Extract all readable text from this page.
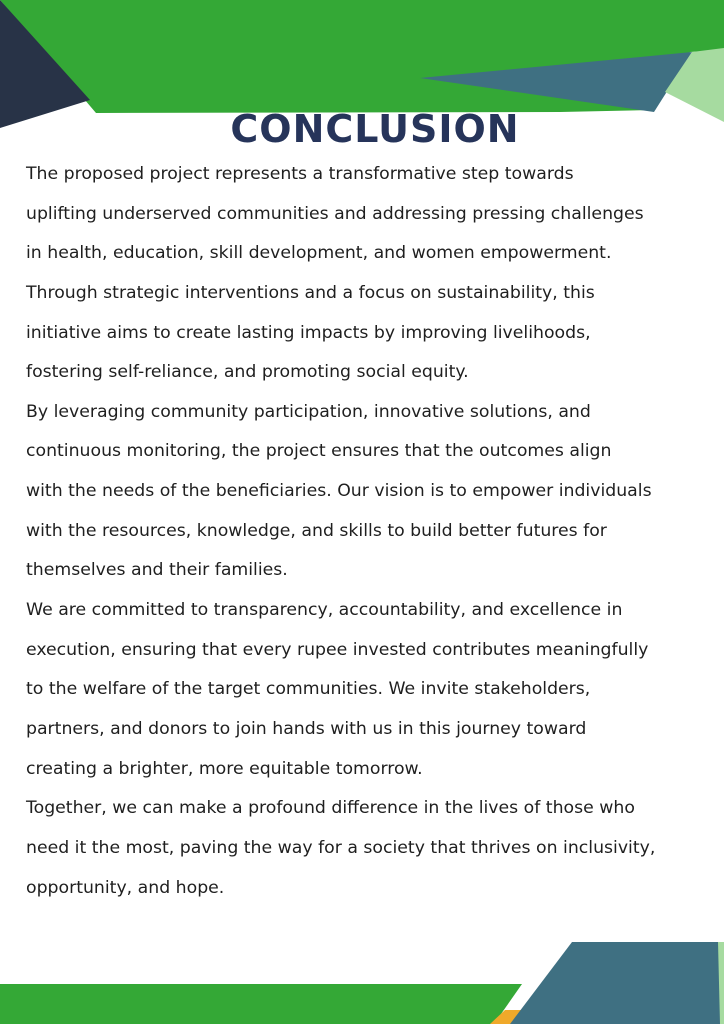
CONCLUSION
The proposed project represents a transformative step towards
uplifting underserved communities and addressing pressing challenges
in health, education, skill development, and women empowerment.
Through strategic interventions and a focus on sustainability, this
initiative aims to create lasting impacts by improving livelihoods,
fostering self-reliance, and promoting social equity.
By leveraging community participation, innovative solutions, and
continuous monitoring, the project ensures that the outcomes align
with the needs of the beneficiaries. Our vision is to empower individuals
with the resources, knowledge, and skills to build better futures for
themselves and their families.
We are committed to transparency, accountability, and excellence in
execution, ensuring that every rupee invested contributes meaningfully
to the welfare of the target communities. We invite stakeholders,
partners, and donors to join hands with us in this journey toward
creating a brighter, more equitable tomorrow.
Together, we can make a profound difference in the lives of those who
need it the most, paving the way for a society that thrives on inclusivity,
opportunity, and hope.
